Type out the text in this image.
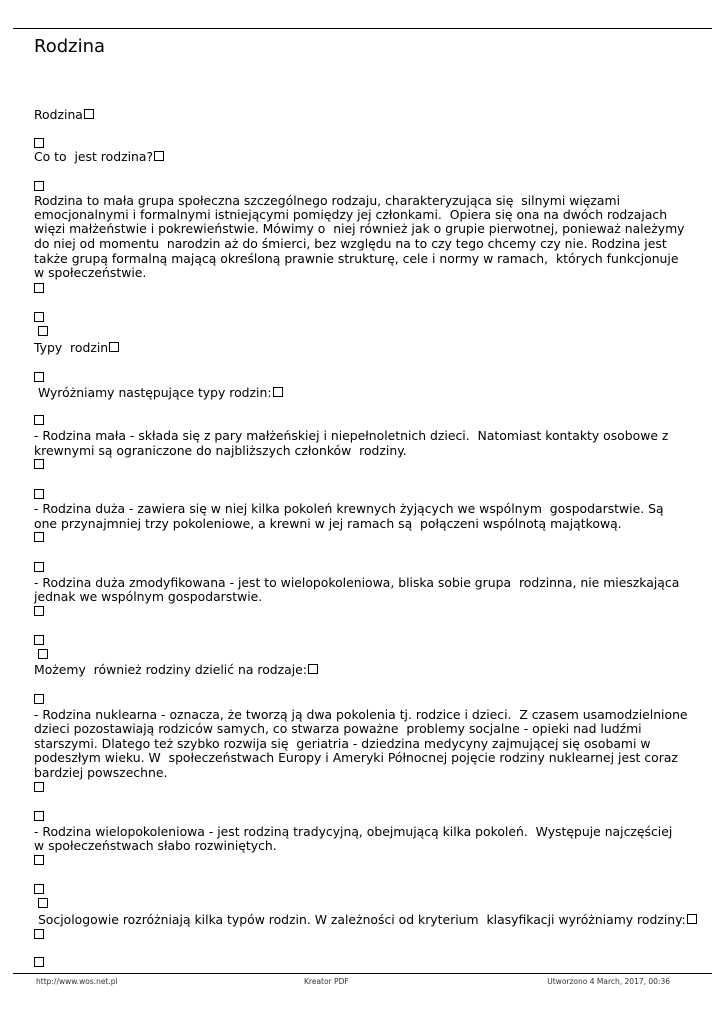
Rodzina
Rodzina
Co to  jest rodzina?
Rodzina to mała grupa społeczna szczególnego rodzaju, charakteryzująca się  silnymi więzami
emocjonalnymi i formalnymi istniejącymi pomiędzy jej członkami.  Opiera się ona na dwóch rodzajach
więzi małżeństwie i pokrewieństwie. Mówimy o  niej również jak o grupie pierwotnej, ponieważ należymy
do niej od momentu  narodzin aż do śmierci, bez względu na to czy tego chcemy czy nie. Rodzina jest
także grupą formalną mającą określoną prawnie strukturę, cele i normy w ramach,  których funkcjonuje
w społeczeństwie.

Typy  rodzin
Wyróżniamy następujące typy rodzin:
- Rodzina mała - składa się z pary małżeńskiej i niepełnoletnich dzieci.  Natomiast kontakty osobowe z
krewnymi są ograniczone do najbliższych członków  rodziny.
- Rodzina duża - zawiera się w niej kilka pokoleń krewnych żyjących we wspólnym  gospodarstwie. Są
one przynajmniej trzy pokoleniowe, a krewni w jej ramach są  połączeni wspólnotą majątkową.
- Rodzina duża zmodyfikowana - jest to wielopokoleniowa, bliska sobie grupa  rodzinna, nie mieszkająca
jednak we wspólnym gospodarstwie.

Możemy  również rodziny dzielić na rodzaje:
- Rodzina nuklearna - oznacza, że tworzą ją dwa pokolenia tj. rodzice i dzieci.  Z czasem usamodzielnione
dzieci pozostawiają rodziców samych, co stwarza poważne  problemy socjalne - opieki nad ludźmi
starszymi. Dlatego też szybko rozwija się  geriatria - dziedzina medycyny zajmującej się osobami w
podeszłym wieku. W  społeczeństwach Europy i Ameryki Północnej pojęcie rodziny nuklearnej jest coraz
bardziej powszechne.
- Rodzina wielopokoleniowa - jest rodziną tradycyjną, obejmującą kilka pokoleń.  Występuje najczęściej
w społeczeństwach słabo rozwiniętych.

Socjologowie rozróżniają kilka typów rodzin. W zależności od kryterium  klasyfikacji wyróżniamy rodziny:
http://www.wos.net.pl	Kreator PDF	Utworzono 4 March, 2017, 00:36
